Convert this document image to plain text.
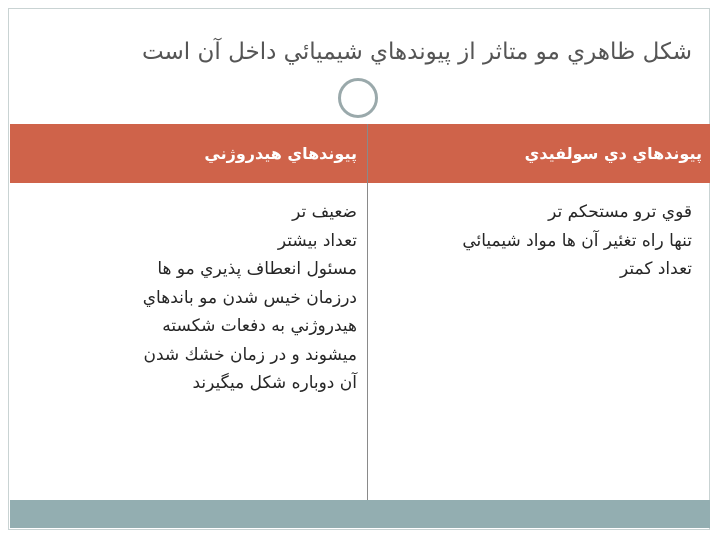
شكل ظاهري مو متاثر از پيوندهاي شيميائي داخل آن است
پيوندهاي هيدروژني	پيوندهاي دي سولفيدي
قوي ترو مستحكم تر
تنها راه تغئير آن ها مواد شيميائي
تعداد كمتر
ضعيف تر
تعداد بيشتر
مسئول انعطاف پذيري مو ها
درزمان خيس شدن مو باندهاي
هيدروژني به دفعات شكسته
ميشوند و در زمان خشك شدن
آن دوباره شكل ميگيرند
